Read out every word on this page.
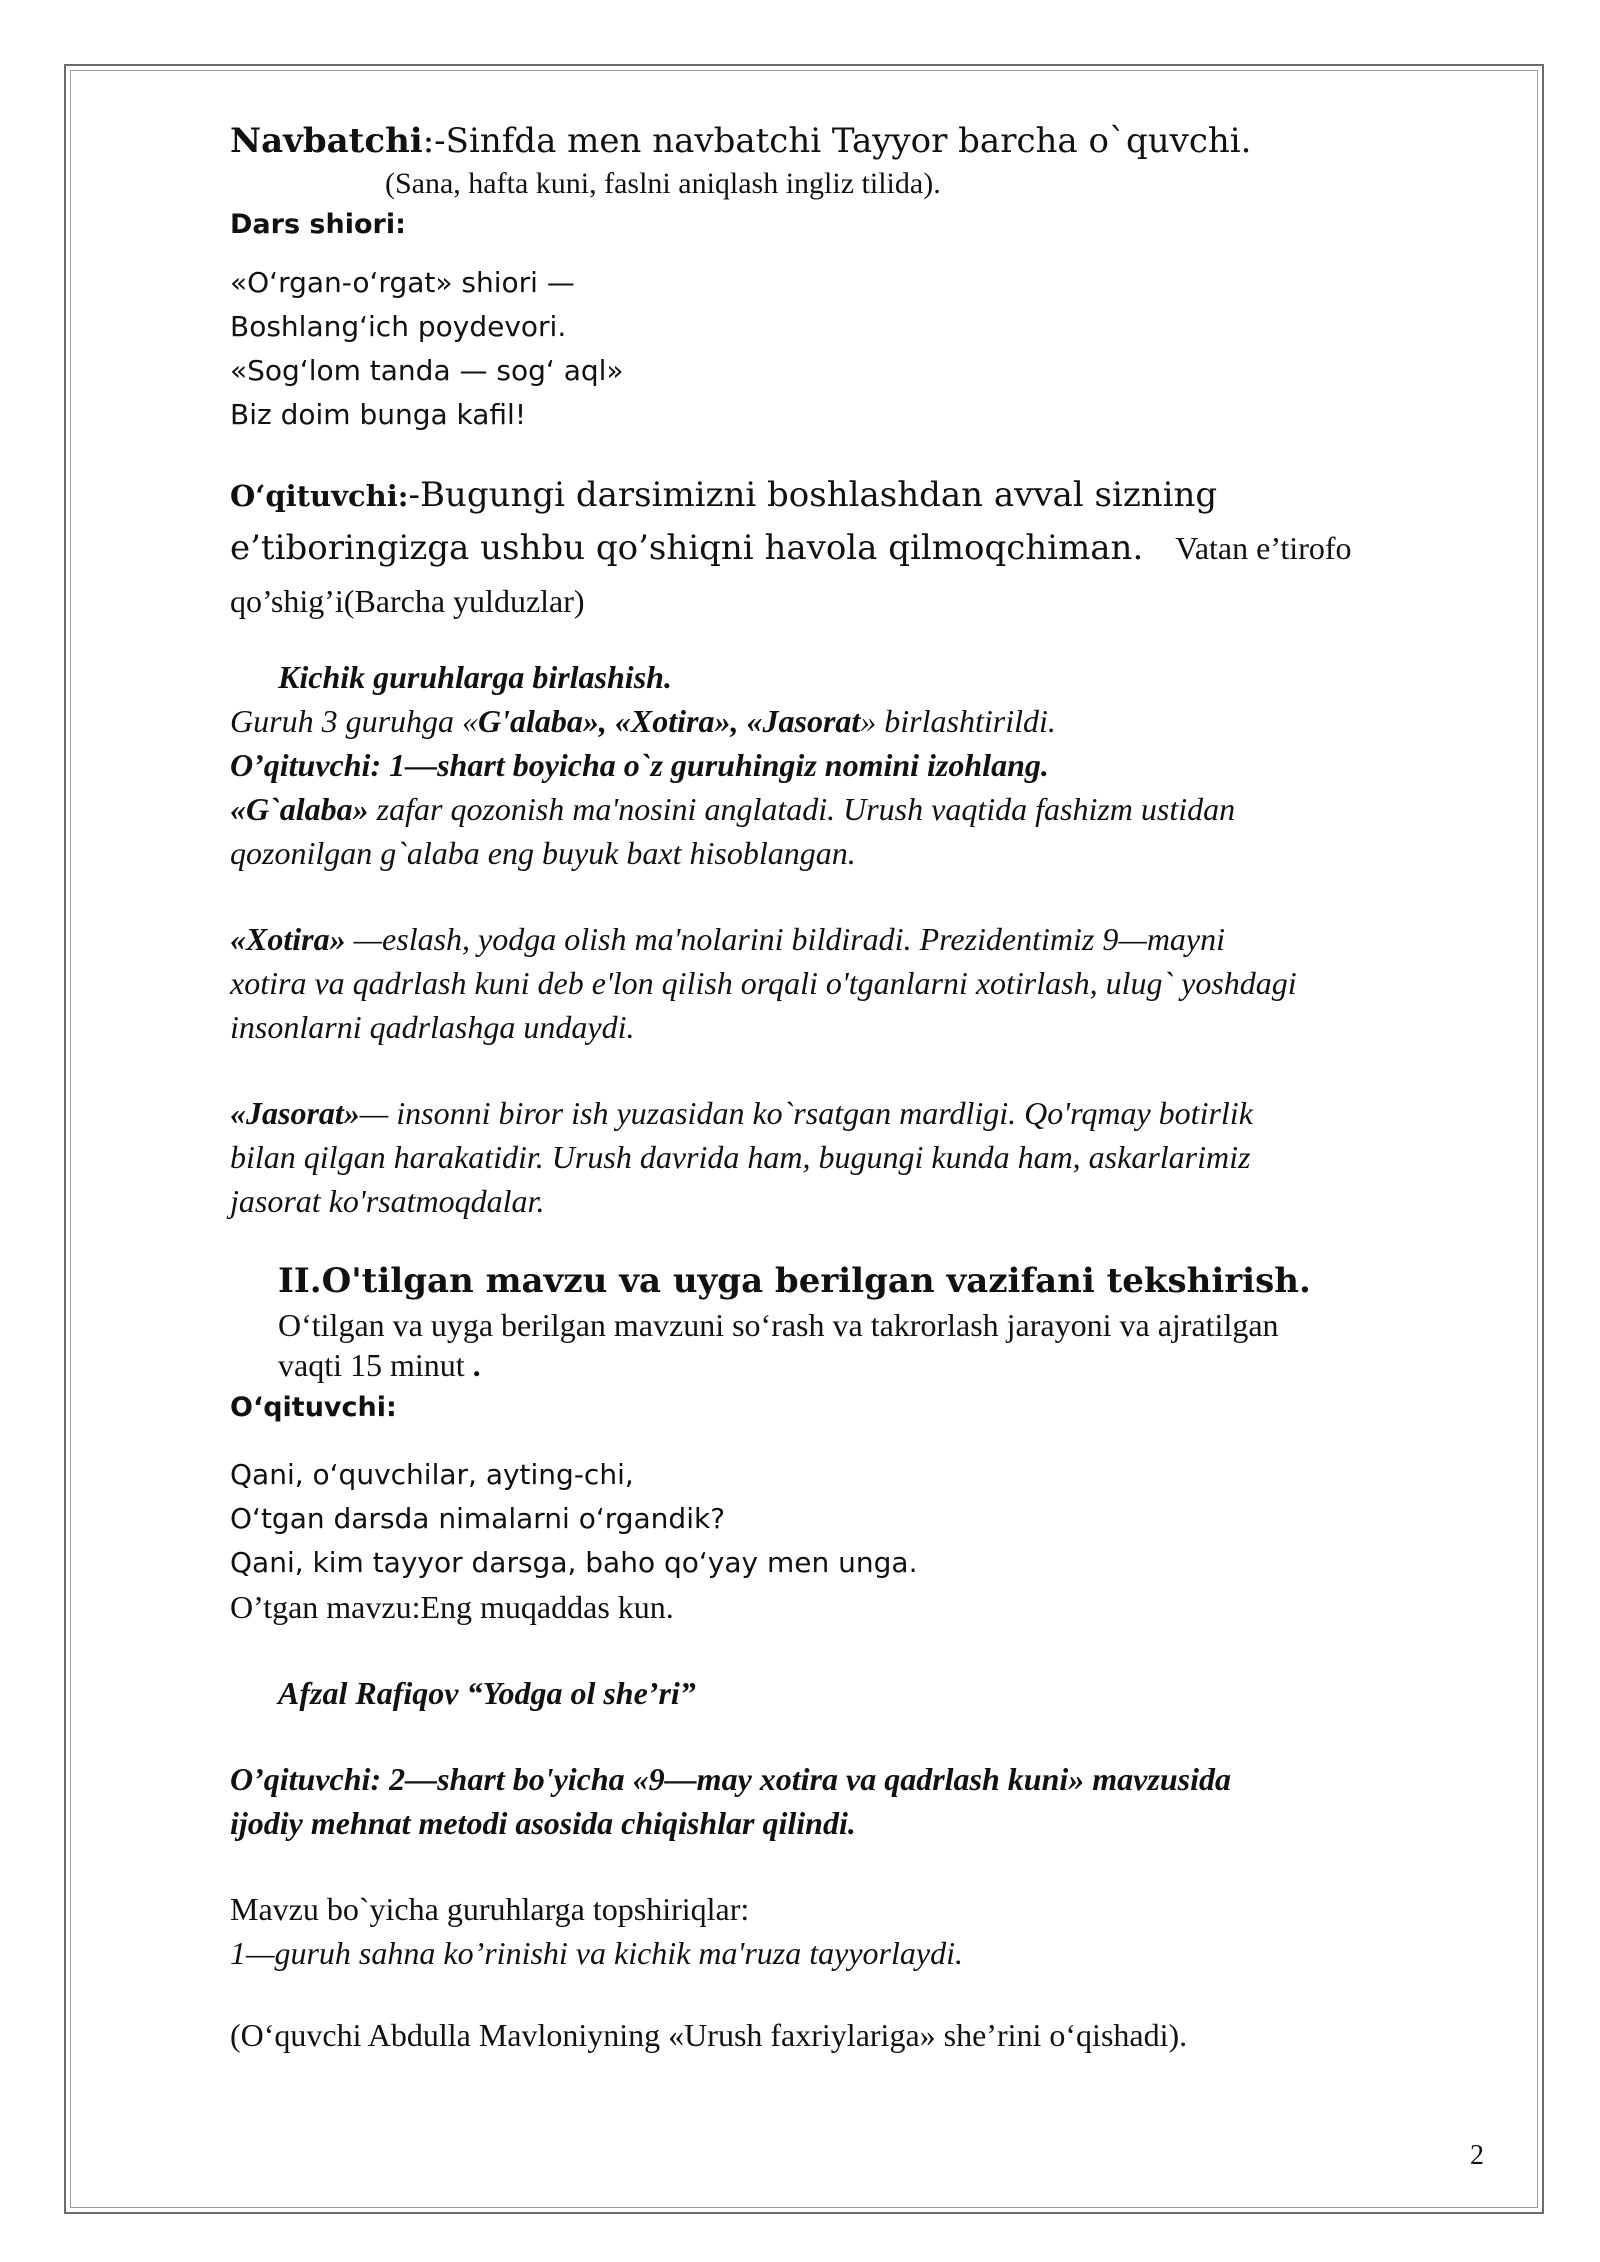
Navbatchi:-Sinfda men navbatchi Tayyor barcha o`quvchi.

(Sana, hafta kuni, faslni aniqlash ingliz tilida).

Dars shiori:

«O‘rgan-o‘rgat» shiori —

Boshlang‘ich poydevori.

«Sog‘lom tanda — sog‘ aql»

Biz doim bunga kafil!

O‘qituvchi:-Bugungi darsimizni boshlashdan avval sizning

e’tiboringizga ushbu qo’shiqni havola qilmoqchiman. Vatan e’tirofo

qo’shig’i(Barcha yulduzlar)

Kichik guruhlarga birlashish.

Guruh 3 guruhga «G'alaba», «Xotira», «Jasorat» birlashtirildi.

O’qituvchi: 1—shart boyicha o`z guruhingiz nomini izohlang.

«G`alaba» zafar qozonish ma'nosini anglatadi. Urush vaqtida fashizm ustidan

qozonilgan g`alaba eng buyuk baxt hisoblangan.

«Xotira» —eslash, yodga olish ma'nolarini bildiradi. Prezidentimiz 9—mayni

xotira va qadrlash kuni deb e'lon qilish orqali o'tganlarni xotirlash, ulug` yoshdagi

insonlarni qadrlashga undaydi.

«Jasorat»— insonni biror ish yuzasidan ko`rsatgan mardligi. Qo'rqmay botirlik

bilan qilgan harakatidir. Urush davrida ham, bugungi kunda ham, askarlarimiz

jasorat ko'rsatmoqdalar.

II.O'tilgan mavzu va uyga berilgan vazifani tekshirish.

O‘tilgan va uyga berilgan mavzuni so‘rash va takrorlash jarayoni va ajratilgan

vaqti 15 minut .

O‘qituvchi:

Qani, o‘quvchilar, ayting-chi,

O‘tgan darsda nimalarni o‘rgandik?

Qani, kim tayyor darsga, baho qo‘yay men unga.

O’tgan mavzu:Eng muqaddas kun.

Afzal Rafiqov “Yodga ol she’ri”

O’qituvchi: 2—shart bo'yicha «9—may xotira va qadrlash kuni» mavzusida

ijodiy mehnat metodi asosida chiqishlar qilindi.

Mavzu bo`yicha guruhlarga topshiriqlar:

1—guruh sahna ko’rinishi va kichik ma'ruza tayyorlaydi.

(O‘quvchi Abdulla Mavloniyning «Urush faxriylariga» she’rini o‘qishadi).

2
